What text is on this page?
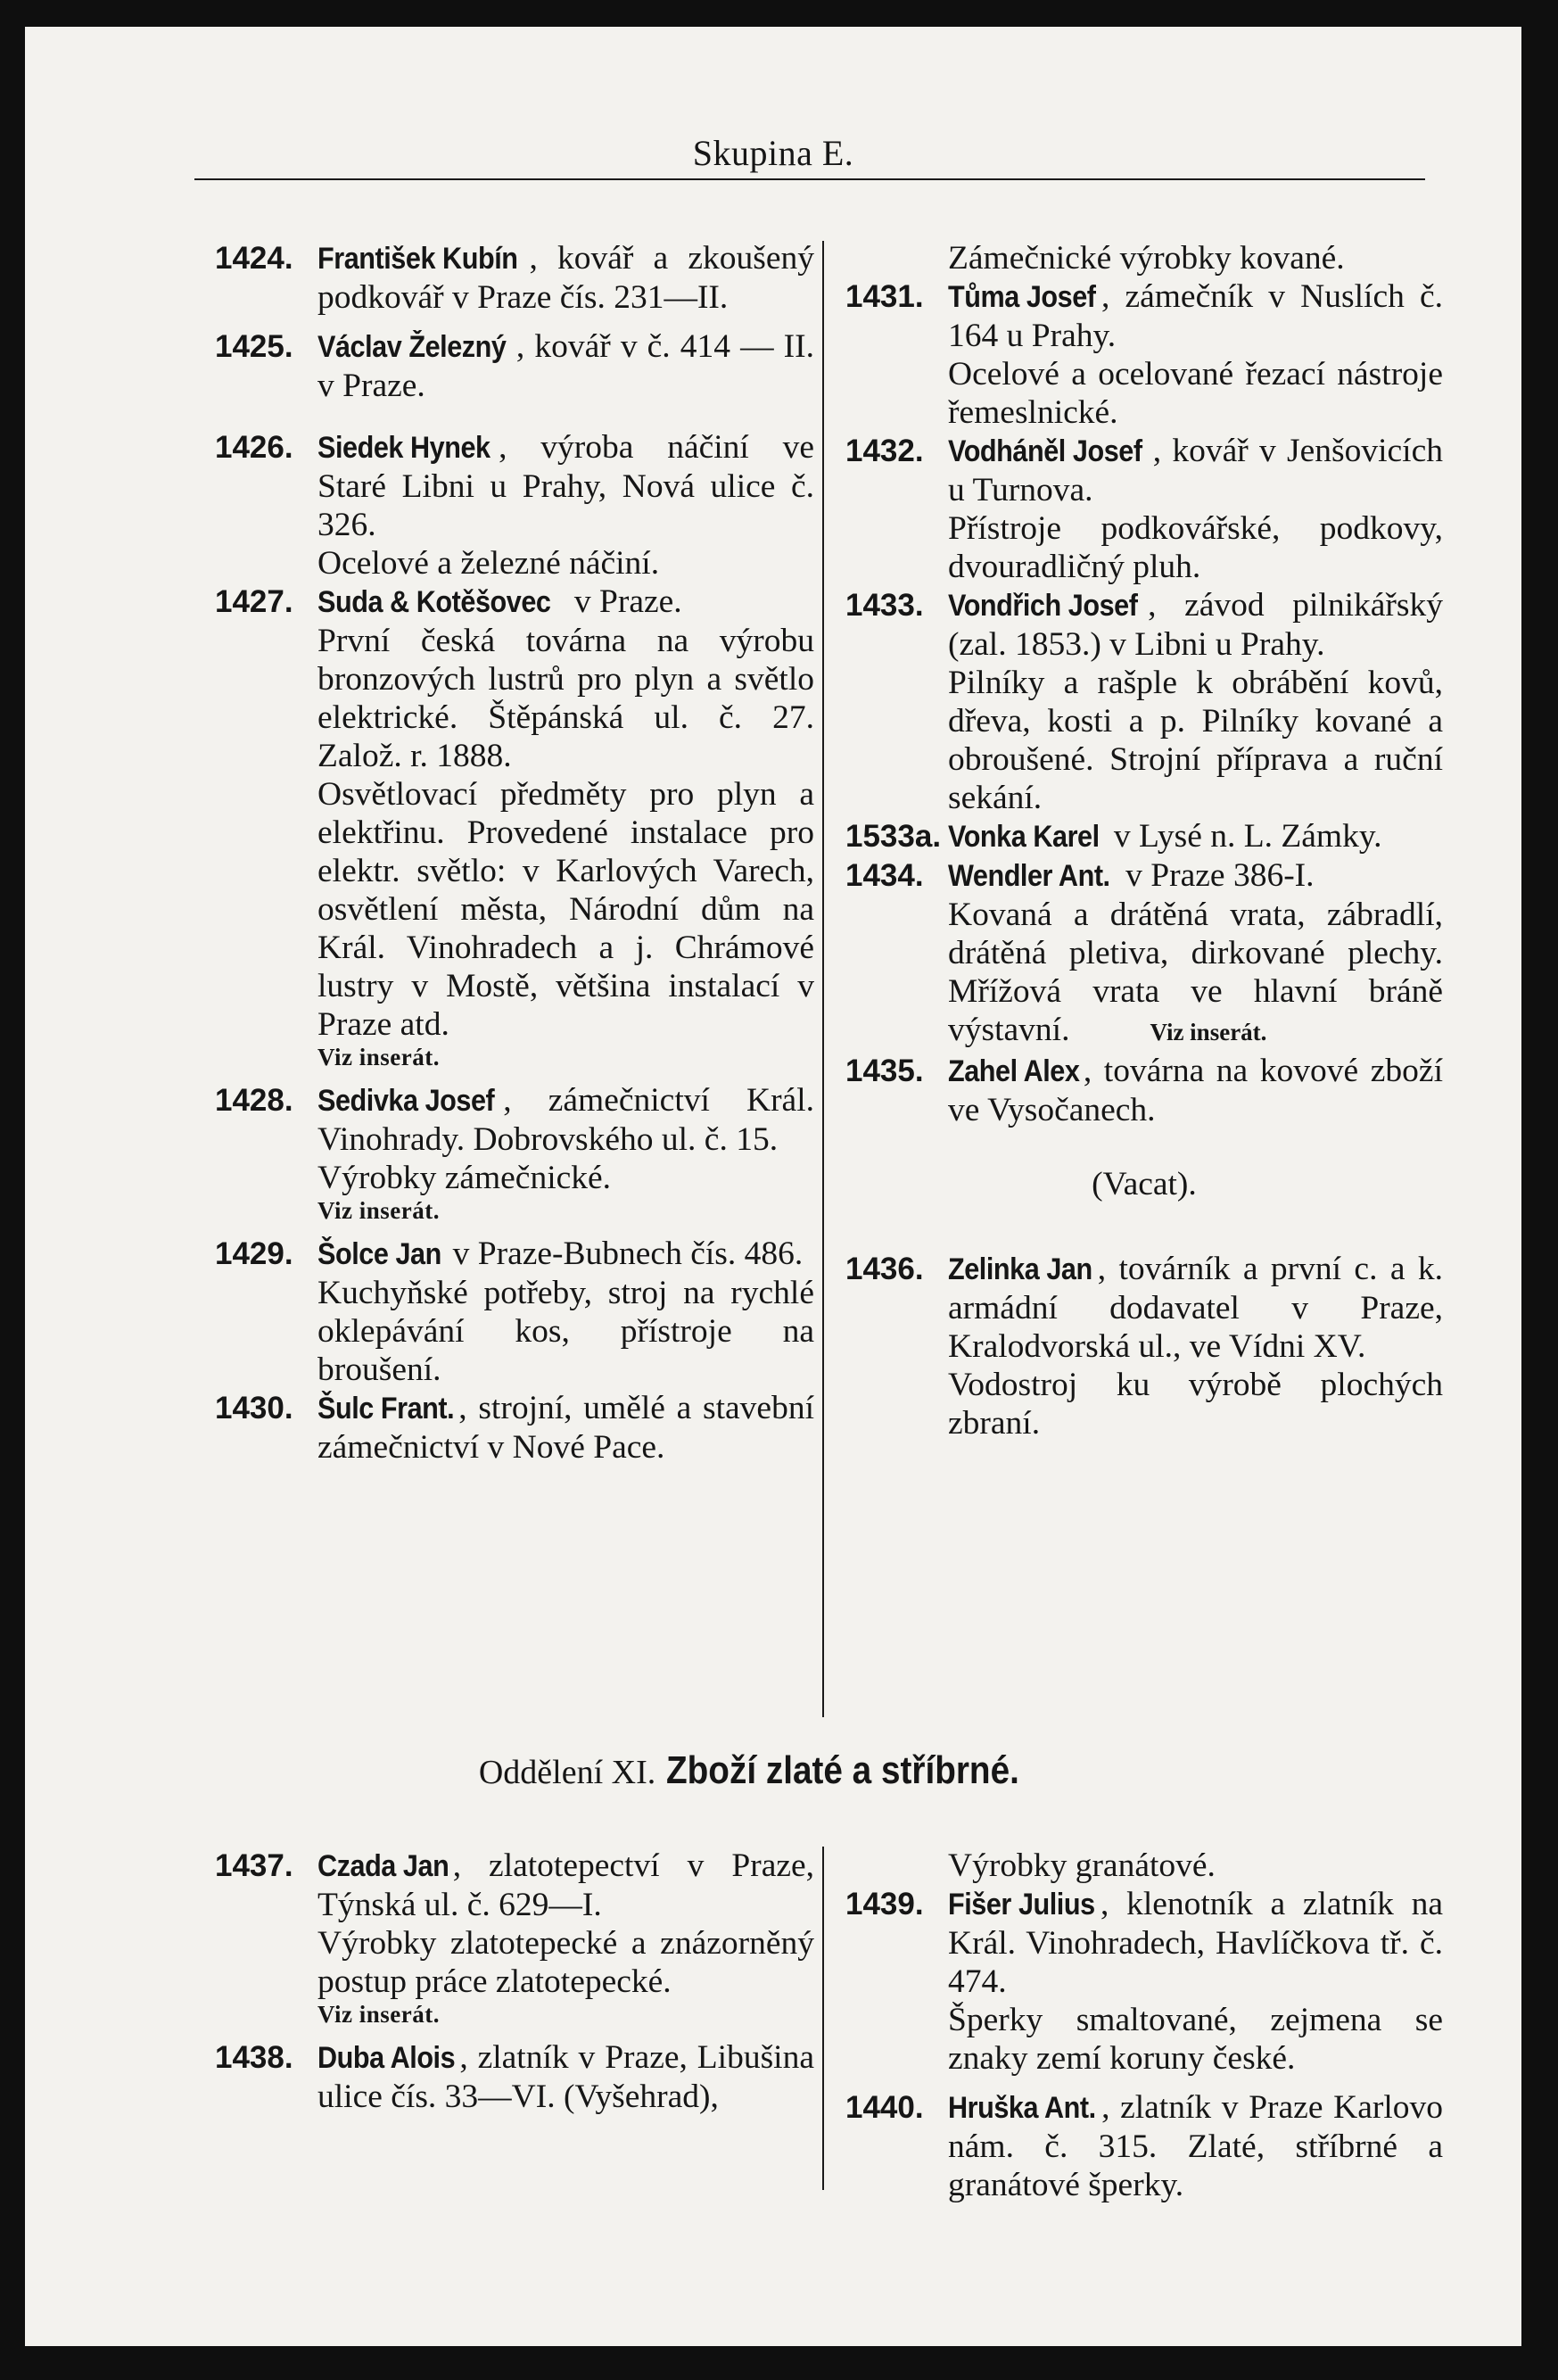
Skupina E.
1424. František Kubín , kovář a zkoušený podkovář v Praze čís. 231—II.
1425. Václav Železný , kovář v č. 414 — II. v Praze.
1426. Siedek Hynek , výroba náčiní ve Staré Libni u Prahy, Nová ulice č. 326.
Ocelové a železné náčiní.
1427. Suda & Kotěšovec v Praze.
První česká továrna na výrobu bronzových lustrů pro plyn a světlo elektrické. Štěpánská ul. č. 27. Založ. r. 1888.
Osvětlovací předměty pro plyn a elektřinu. Provedené instalace pro elektr. světlo: v Karlových Varech, osvětlení města, Národní dům na Král. Vinohradech a j. Chrámové lustry v Mostě, většina instalací v Praze atd.
Viz inserát.
1428. Sedivka Josef , zámečnictví Král. Vinohrady. Dobrovského ul. č. 15.
Výrobky zámečnické.
Viz inserát.
1429. Šolce Jan v Praze-Bubnech čís. 486.
Kuchyňské potřeby, stroj na rychlé oklepávání kos, přístroje na broušení.
1430. Šulc Frant. , strojní, umělé a stavební zámečnictví v Nové Pace.
Zámečnické výrobky kované.
1431. Tůma Josef , zámečník v Nuslích č. 164 u Prahy.
Ocelové a ocelované řezací nástroje řemeslnické.
1432. Vodháněl Josef , kovář v Jenšovicích u Turnova.
Přístroje podkovářské, podkovy, dvouradličný pluh.
1433. Vondřich Josef , závod pilnikářský (zal. 1853.) v Libni u Prahy.
Pilníky a rašple k obrábění kovů, dřeva, kosti a p. Pilníky kované a obroušené. Strojní příprava a ruční sekání.
1533a. Vonka Karel v Lysé n. L. Zámky.
1434. Wendler Ant. v Praze 386-I.
Kovaná a drátěná vrata, zábradlí, drátěná pletiva, dirkované plechy. Mřížová vrata ve hlavní bráně výstavní.	Viz inserát.
1435. Zahel Alex , továrna na kovové zboží ve Vysočanech.
(Vacat).
1436. Zelinka Jan , továrník a první c. a k. armádní dodavatel v Praze, Kralodvorská ul., ve Vídni XV.
Vodostroj ku výrobě plochých zbraní.
Oddělení XI. Zboží zlaté a stříbrné.
1437. Czada Jan , zlatotepectví v Praze, Týnská ul. č. 629—I.
Výrobky zlatotepecké a znázorněný postup práce zlatotepecké.
Viz inserát.
1438. Duba Alois , zlatník v Praze, Libušina ulice čís. 33—VI. (Vyšehrad),
Výrobky granátové.
1439. Fišer Julius , klenotník a zlatník na Král. Vinohradech, Havlíčkova tř. č. 474.
Šperky smaltované, zejmena se znaky zemí koruny české.
1440. Hruška Ant. , zlatník v Praze Karlovo nám. č. 315. Zlaté, stříbrné a granátové šperky.
